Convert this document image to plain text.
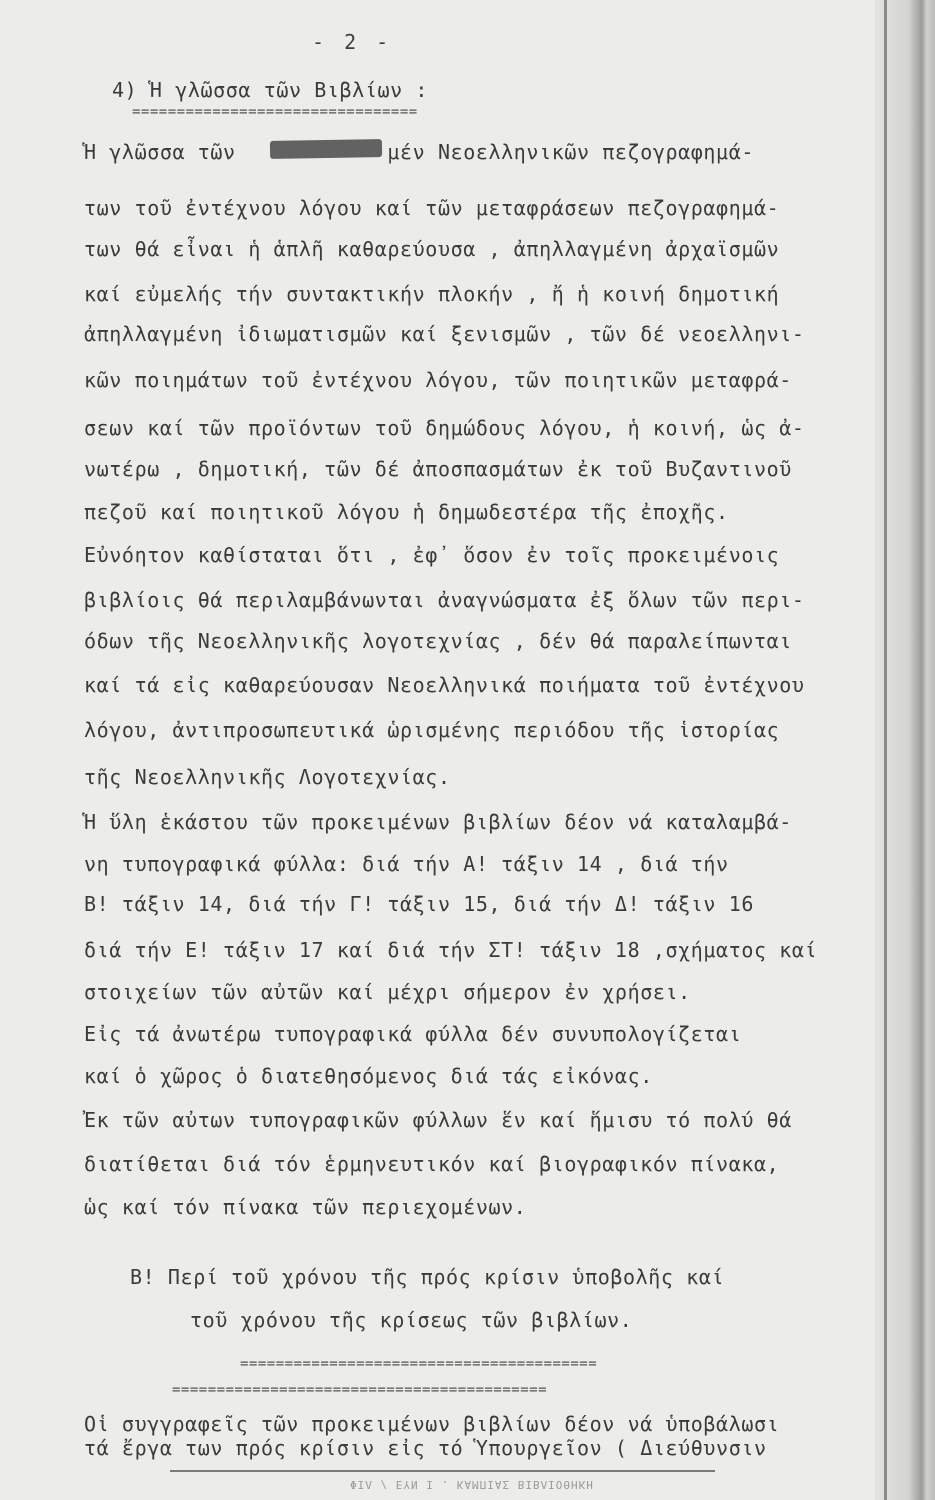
- 2 -
4) Ἡ γλῶσσα τῶν Βιβλίων :
================================
Ἡ γλῶσσα τῶν            μέν Νεοελληνικῶν πεζογραφημά-
των τοῦ ἐντέχνου λόγου καί τῶν μεταφράσεων πεζογραφημά-
των θά εἶναι ἡ ἁπλῆ καθαρεύουσα , ἀπηλλαγμένη ἀρχαϊσμῶν
καί εὐμελής τήν συντακτικήν πλοκήν , ἤ ἡ κοινή δημοτική
ἀπηλλαγμένη ἰδιωματισμῶν καί ξενισμῶν , τῶν δέ νεοελληνι-
κῶν ποιημάτων τοῦ ἐντέχνου λόγου, τῶν ποιητικῶν μεταφρά-
σεων καί τῶν προϊόντων τοῦ δημώδους λόγου, ἡ κοινή, ὡς ἀ-
νωτέρω , δημοτική, τῶν δέ ἀποσπασμάτων ἐκ τοῦ Βυζαντινοῦ
πεζοῦ καί ποιητικοῦ λόγου ἡ δημωδεστέρα τῆς ἐποχῆς.
Εὐνόητον καθίσταται ὅτι , ἐφ᾿ ὅσον ἐν τοῖς προκειμένοις
βιβλίοις θά περιλαμβάνωνται ἀναγνώσματα ἐξ ὅλων τῶν περι-
όδων τῆς Νεοελληνικῆς λογοτεχνίας , δέν θά παραλείπωνται
καί τά εἰς καθαρεύουσαν Νεοελληνικά ποιήματα τοῦ ἐντέχνου
λόγου, ἀντιπροσωπευτικά ὡρισμένης περιόδου τῆς ἱστορίας
τῆς Νεοελληνικῆς Λογοτεχνίας.
Ἡ ὕλη ἑκάστου τῶν προκειμένων βιβλίων δέον νά καταλαμβά-
νη τυπογραφικά φύλλα: διά τήν Α! τάξιν 14 , διά τήν
Β! τάξιν 14, διά τήν Γ! τάξιν 15, διά τήν Δ! τάξιν 16
διά τήν Ε! τάξιν 17 καί διά τήν ΣΤ! τάξιν 18 ,σχήματος καί
στοιχείων τῶν αὐτῶν καί μέχρι σήμερον ἐν χρήσει.
Εἰς τά ἀνωτέρω τυπογραφικά φύλλα δέν συνυπολογίζεται
καί ὁ χῶρος ὁ διατεθησόμενος διά τάς εἰκόνας.
Ἐκ τῶν αὐτων τυπογραφικῶν φύλλων ἕν καί ἥμισυ τό πολύ θά
διατίθεται διά τόν ἑρμηνευτικόν καί βιογραφικόν πίνακα,
ὡς καί τόν πίνακα τῶν περιεχομένων.
Β! Περί τοῦ χρόνου τῆς πρός κρίσιν ὑποβολῆς καί
τοῦ χρόνου τῆς κρίσεως τῶν βιβλίων.
========================================
==========================================
Οἱ συγγραφεῖς τῶν προκειμένων βιβλίων δέον νά ὑποβάλωσι
τά ἔργα των πρός κρίσιν εἰς τό Ὑπουργεῖον ( Διεύθυνσιν
ΦΙΛ / ΕΥΝ Ι . ΚΑΜΠΙΑΣ ΒΙΒΛΙΟΘΗΚΗ
